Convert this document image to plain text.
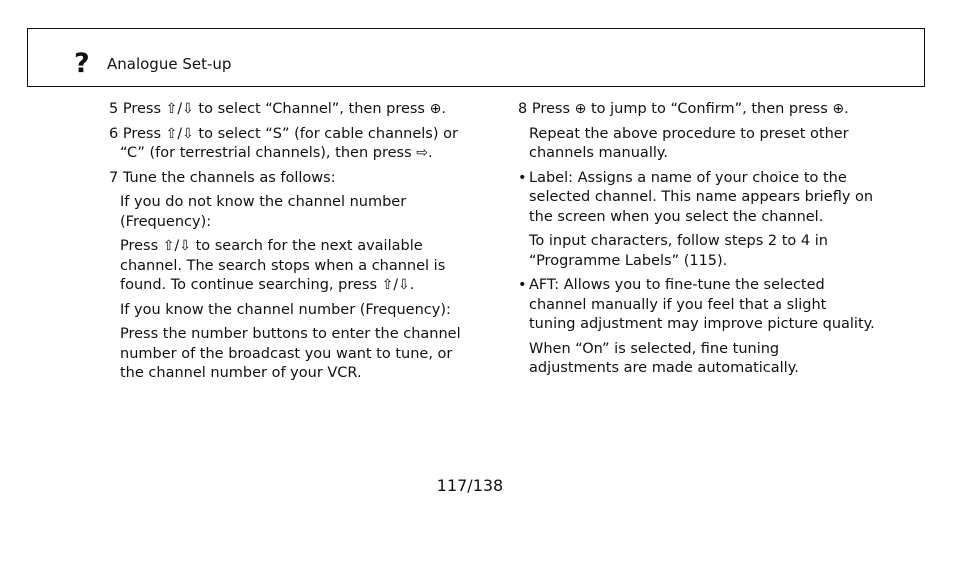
? Analogue Set-up

5 Press ⇧/⇩ to select “Channel”, then press ⊕.

6 Press ⇧/⇩ to select “S” (for cable channels) or
“C” (for terrestrial channels), then press ⇨.

7 Tune the channels as follows:

If you do not know the channel number
(Frequency):

Press ⇧/⇩ to search for the next available
channel. The search stops when a channel is
found. To continue searching, press ⇧/⇩.

If you know the channel number (Frequency):

Press the number buttons to enter the channel
number of the broadcast you want to tune, or
the channel number of your VCR.

8 Press ⊕ to jump to “Confirm”, then press ⊕.

Repeat the above procedure to preset other
channels manually.

• Label: Assigns a name of your choice to the
selected channel. This name appears briefly on
the screen when you select the channel.

To input characters, follow steps 2 to 4 in
“Programme Labels” (115).

• AFT: Allows you to fine-tune the selected
channel manually if you feel that a slight
tuning adjustment may improve picture quality.

When “On” is selected, fine tuning
adjustments are made automatically.

117/138
